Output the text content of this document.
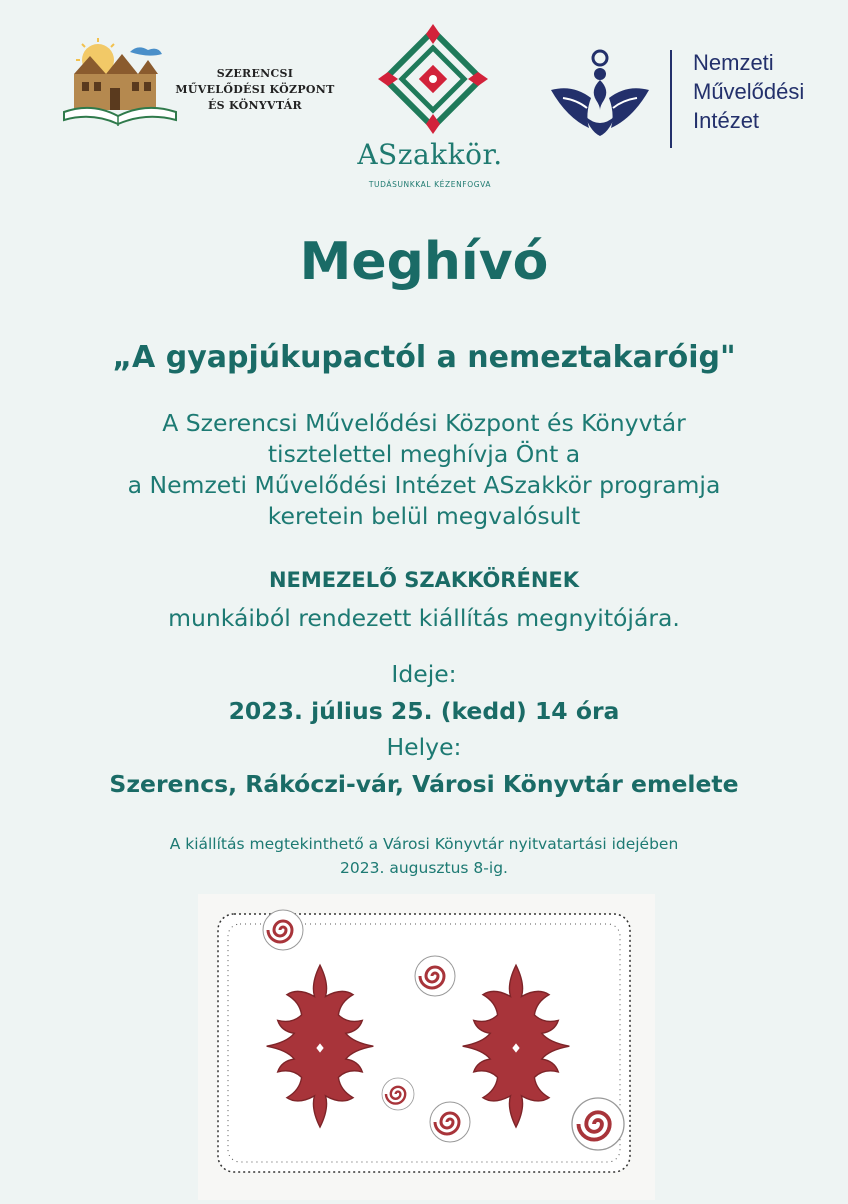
SZERENCSI
MŰVELŐDÉSI KÖZPONT
ÉS KÖNYVTÁR
ASzakkör.
TUDÁSUNKKAL KÉZENFOGVA
Nemzeti
Művelődési
Intézet
Meghívó
„A gyapjúkupactól a nemeztakaróig"
A Szerencsi Művelődési Központ és Könyvtár
tisztelettel meghívja Önt a
a Nemzeti Művelődési Intézet ASzakkör programja
keretein belül megvalósult
NEMEZELŐ SZAKKÖRÉNEK
munkáiból rendezett kiállítás megnyitójára.
Ideje:
2023. július 25. (kedd) 14 óra
Helye:
Szerencs, Rákóczi-vár, Városi Könyvtár emelete
A kiállítás megtekinthető a Városi Könyvtár nyitvatartási idejében
2023. augusztus 8-ig.
